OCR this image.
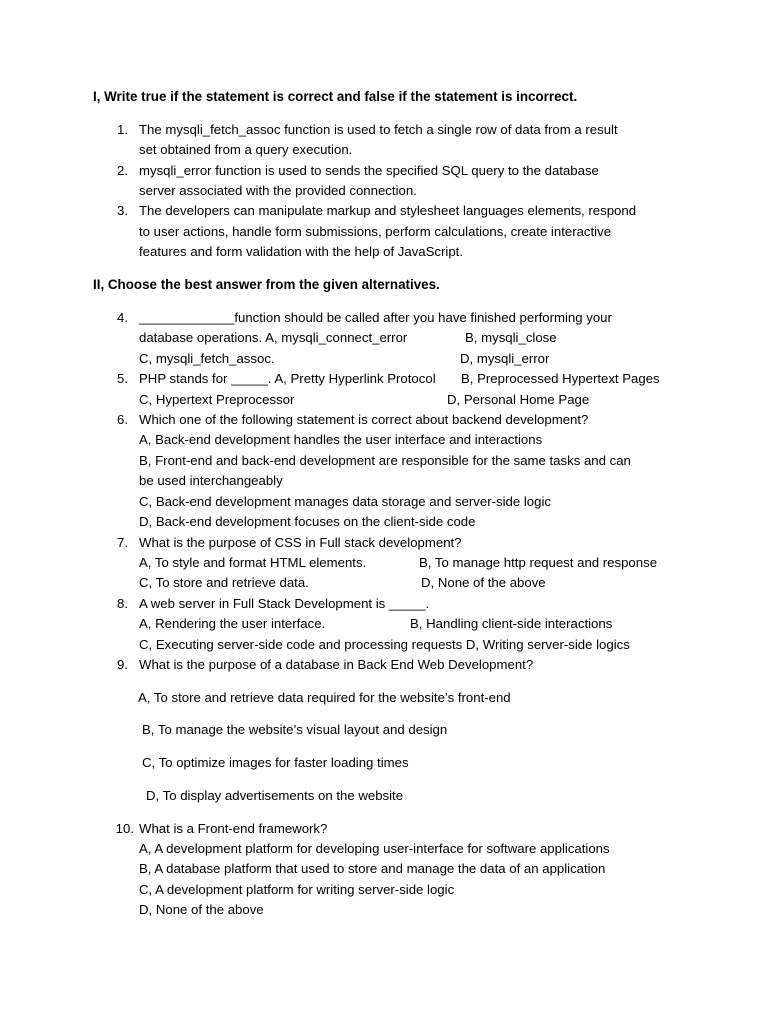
I, Write true if the statement is correct and false if the statement is incorrect.
1. The mysqli_fetch_assoc function is used to fetch a single row of data from a result
set obtained from a query execution.
2. mysqli_error function is used to sends the specified SQL query to the database
server associated with the provided connection.
3. The developers can manipulate markup and stylesheet languages elements, respond
to user actions, handle form submissions, perform calculations, create interactive
features and form validation with the help of JavaScript.
II, Choose the best answer from the given alternatives.
4. _____________function should be called after you have finished performing your
database operations. A, mysqli_connect_error	B, mysqli_close
C, mysqli_fetch_assoc.	D, mysqli_error
5. PHP stands for _____. A, Pretty Hyperlink Protocol B, Preprocessed Hypertext Pages
C, Hypertext Preprocessor	D, Personal Home Page
6. Which one of the following statement is correct about backend development?
A, Back-end development handles the user interface and interactions
B, Front-end and back-end development are responsible for the same tasks and can
be used interchangeably
C, Back-end development manages data storage and server-side logic
D, Back-end development focuses on the client-side code
7. What is the purpose of CSS in Full stack development?
A, To style and format HTML elements.	B, To manage http request and response
C, To store and retrieve data.	D, None of the above
8. A web server in Full Stack Development is _____.
A, Rendering the user interface.	B, Handling client-side interactions
C, Executing server-side code and processing requests D, Writing server-side logics
9. What is the purpose of a database in Back End Web Development?
A, To store and retrieve data required for the website’s front-end
B, To manage the website’s visual layout and design
C, To optimize images for faster loading times
D, To display advertisements on the website
10. What is a Front-end framework?
A, A development platform for developing user-interface for software applications
B, A database platform that used to store and manage the data of an application
C, A development platform for writing server-side logic
D, None of the above
